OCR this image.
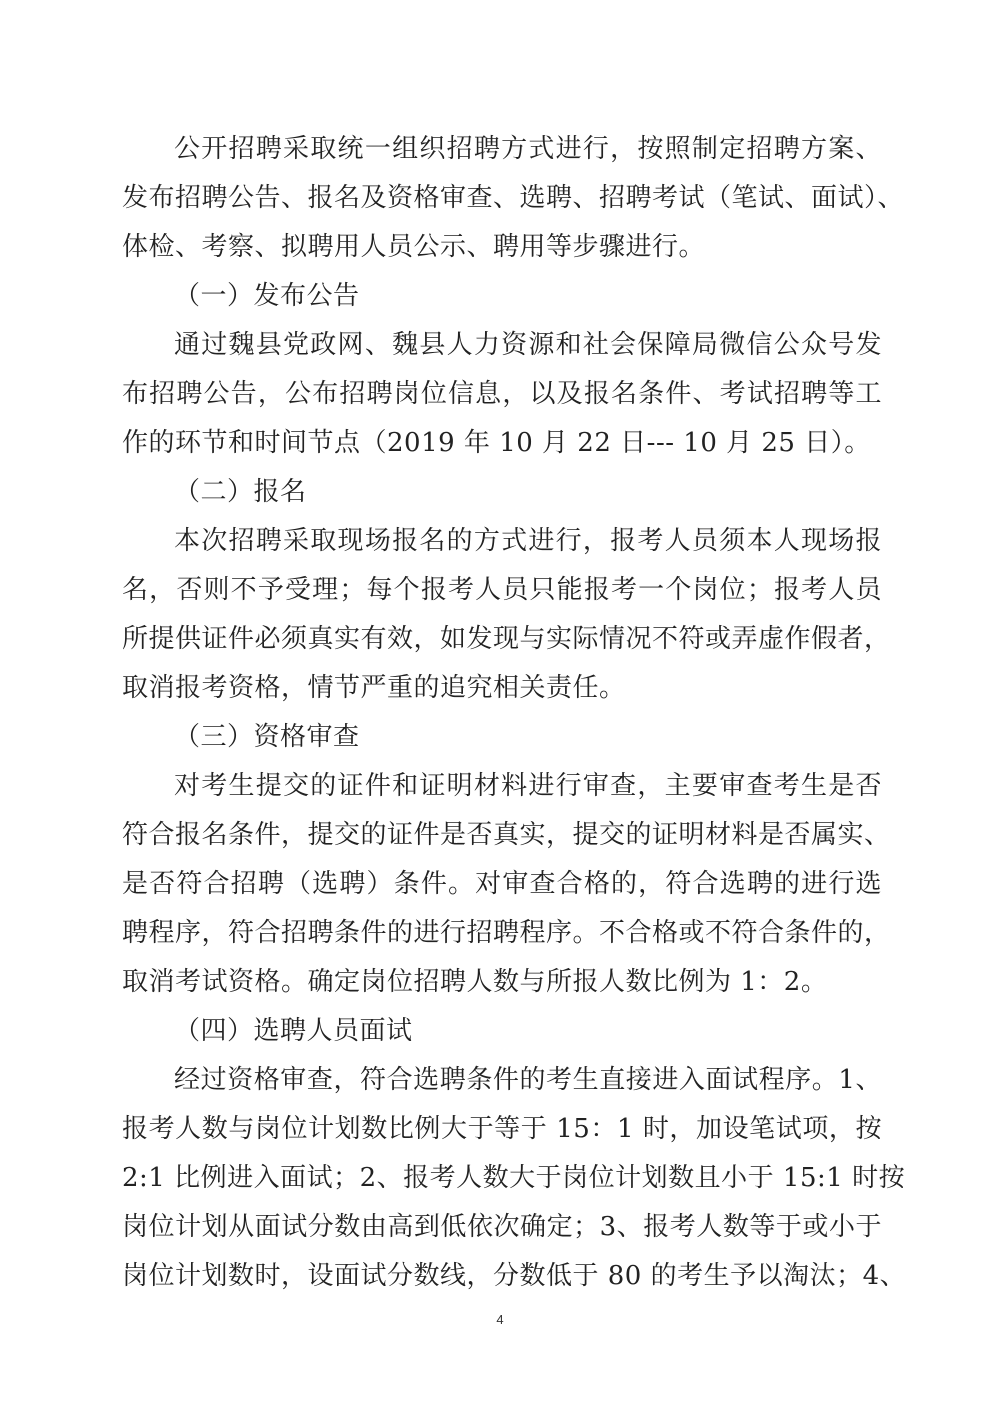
公开招聘采取统一组织招聘方式进行，按照制定招聘方案、
发布招聘公告、报名及资格审查、选聘、招聘考试（笔试、面试）、
体检、考察、拟聘用人员公示、聘用等步骤进行。
（一）发布公告
通过魏县党政网、魏县人力资源和社会保障局微信公众号发
布招聘公告，公布招聘岗位信息，以及报名条件、考试招聘等工
作的环节和时间节点（2019 年 10 月 22 日--- 10 月 25 日）。
（二）报名
本次招聘采取现场报名的方式进行，报考人员须本人现场报
名，否则不予受理；每个报考人员只能报考一个岗位；报考人员
所提供证件必须真实有效，如发现与实际情况不符或弄虚作假者，
取消报考资格，情节严重的追究相关责任。
（三）资格审查
对考生提交的证件和证明材料进行审查，主要审查考生是否
符合报名条件，提交的证件是否真实，提交的证明材料是否属实、
是否符合招聘（选聘）条件。对审查合格的，符合选聘的进行选
聘程序，符合招聘条件的进行招聘程序。不合格或不符合条件的，
取消考试资格。确定岗位招聘人数与所报人数比例为 1：2。
（四）选聘人员面试
经过资格审查，符合选聘条件的考生直接进入面试程序。1、
报考人数与岗位计划数比例大于等于 15：1 时，加设笔试项，按
2:1 比例进入面试；2、报考人数大于岗位计划数且小于 15:1 时按
岗位计划从面试分数由高到低依次确定；3、报考人数等于或小于
岗位计划数时，设面试分数线，分数低于 80 的考生予以淘汰；4、
4
